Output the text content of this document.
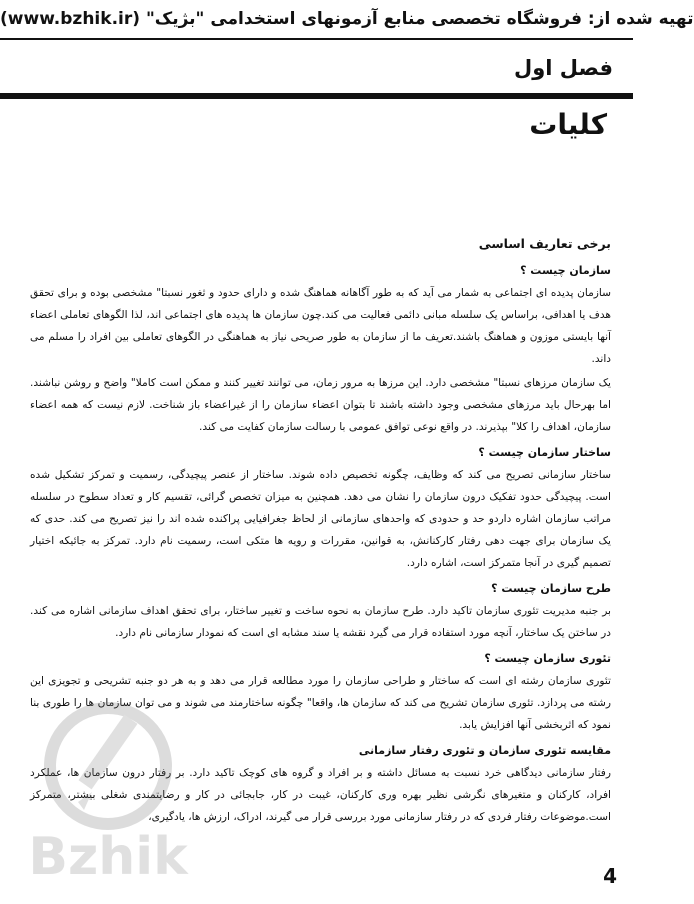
تهیه شده از: فروشگاه تخصصی منابع آزمونهای استخدامی "بژیک" (www.bzhik.ir)
فصل اول
کلیات
برخی تعاریف اساسی
سازمان چیست ؟

سازمان پدیده ای اجتماعی به شمار می آید که به طور آگاهانه هماهنگ شده و دارای حدود و ثغور نسبتا" مشخصی بوده و برای تحقق هدف یا اهدافی، براساس یک سلسله مبانی دائمی فعالیت می کند.چون سازمان ها پدیده های اجتماعی اند، لذا الگوهای تعاملی اعضاء آنها بایستی موزون و هماهنگ باشند.تعریف ما از سازمان به طور صریحی نیاز به هماهنگی در الگوهای تعاملی بین افراد را مسلم می داند.

یک سازمان مرزهای نسبتا" مشخصی دارد. این مرزها به مرور زمان، می توانند تغییر کنند و ممکن است کاملا" واضح و روشن نباشند. اما بهرحال باید مرزهای مشخصی وجود داشته باشند تا بتوان اعضاء سازمان را از غیراعضاء باز شناخت. لازم نیست که همه اعضاء سازمان، اهداف را کلا" بپذیرند. در واقع نوعی توافق عمومی با رسالت سازمان کفایت می کند.

ساختار سازمان چیست ؟

ساختار سازمانی تصریح می کند که وظایف، چگونه تخصیص داده شوند. ساختار از عنصر پیچیدگی، رسمیت و تمرکز تشکیل شده است. پیچیدگی حدود تفکیک درون سازمان را نشان می دهد. همچنین به میزان تخصص گرائی، تقسیم کار و تعداد سطوح در سلسله مراتب سازمان اشاره داردو حد و حدودی که واحدهای سازمانی از لحاظ جغرافیایی پراکنده شده اند را نیز تصریح می کند. حدی که یک سازمان برای جهت دهی رفتار کارکنانش، به قوانین، مقررات و رویه ها متکی است، رسمیت نام دارد. تمرکز به جائیکه اختیار تصمیم گیری در آنجا متمرکز است، اشاره دارد.

طرح سازمان چیست ؟

بر جنبه مدیریت تئوری سازمان تاکید دارد. طرح سازمان به نحوه ساخت و تغییر ساختار، برای تحقق اهداف سازمانی اشاره می کند. در ساختن یک ساختار، آنچه مورد استفاده قرار می گیرد نقشه یا سند مشابه ای است که نمودار سازمانی نام دارد.

تئوری سازمان چیست ؟

تئوری سازمان رشته ای است که ساختار و طراحی سازمان را مورد مطالعه قرار می دهد و به هر دو جنبه تشریحی و تجویزی این رشته می پردازد. تئوری سازمان تشریح می کند که سازمان ها، واقعا" چگونه ساختارمند می شوند و می توان سازمان ها را طوری بنا نمود که اثربخشی آنها افزایش یابد.

مقایسه تئوری سازمان و تئوری رفتار سازمانی

رفتار سازمانی دیدگاهی خرد نسبت به مسائل داشته و بر افراد و گروه های کوچک تاکید دارد. بر رفتار درون سازمان ها، عملکرد افراد، کارکنان و متغیرهای نگرشی نظیر بهره وری کارکنان، غیبت در کار، جابجائی در کار و رضایتمندی شغلی بیشتر، متمرکز است.موضوعات رفتار فردی که در رفتار سازمانی مورد بررسی قرار می گیرند، ادراک، ارزش ها، یادگیری،

Bzhik	4
